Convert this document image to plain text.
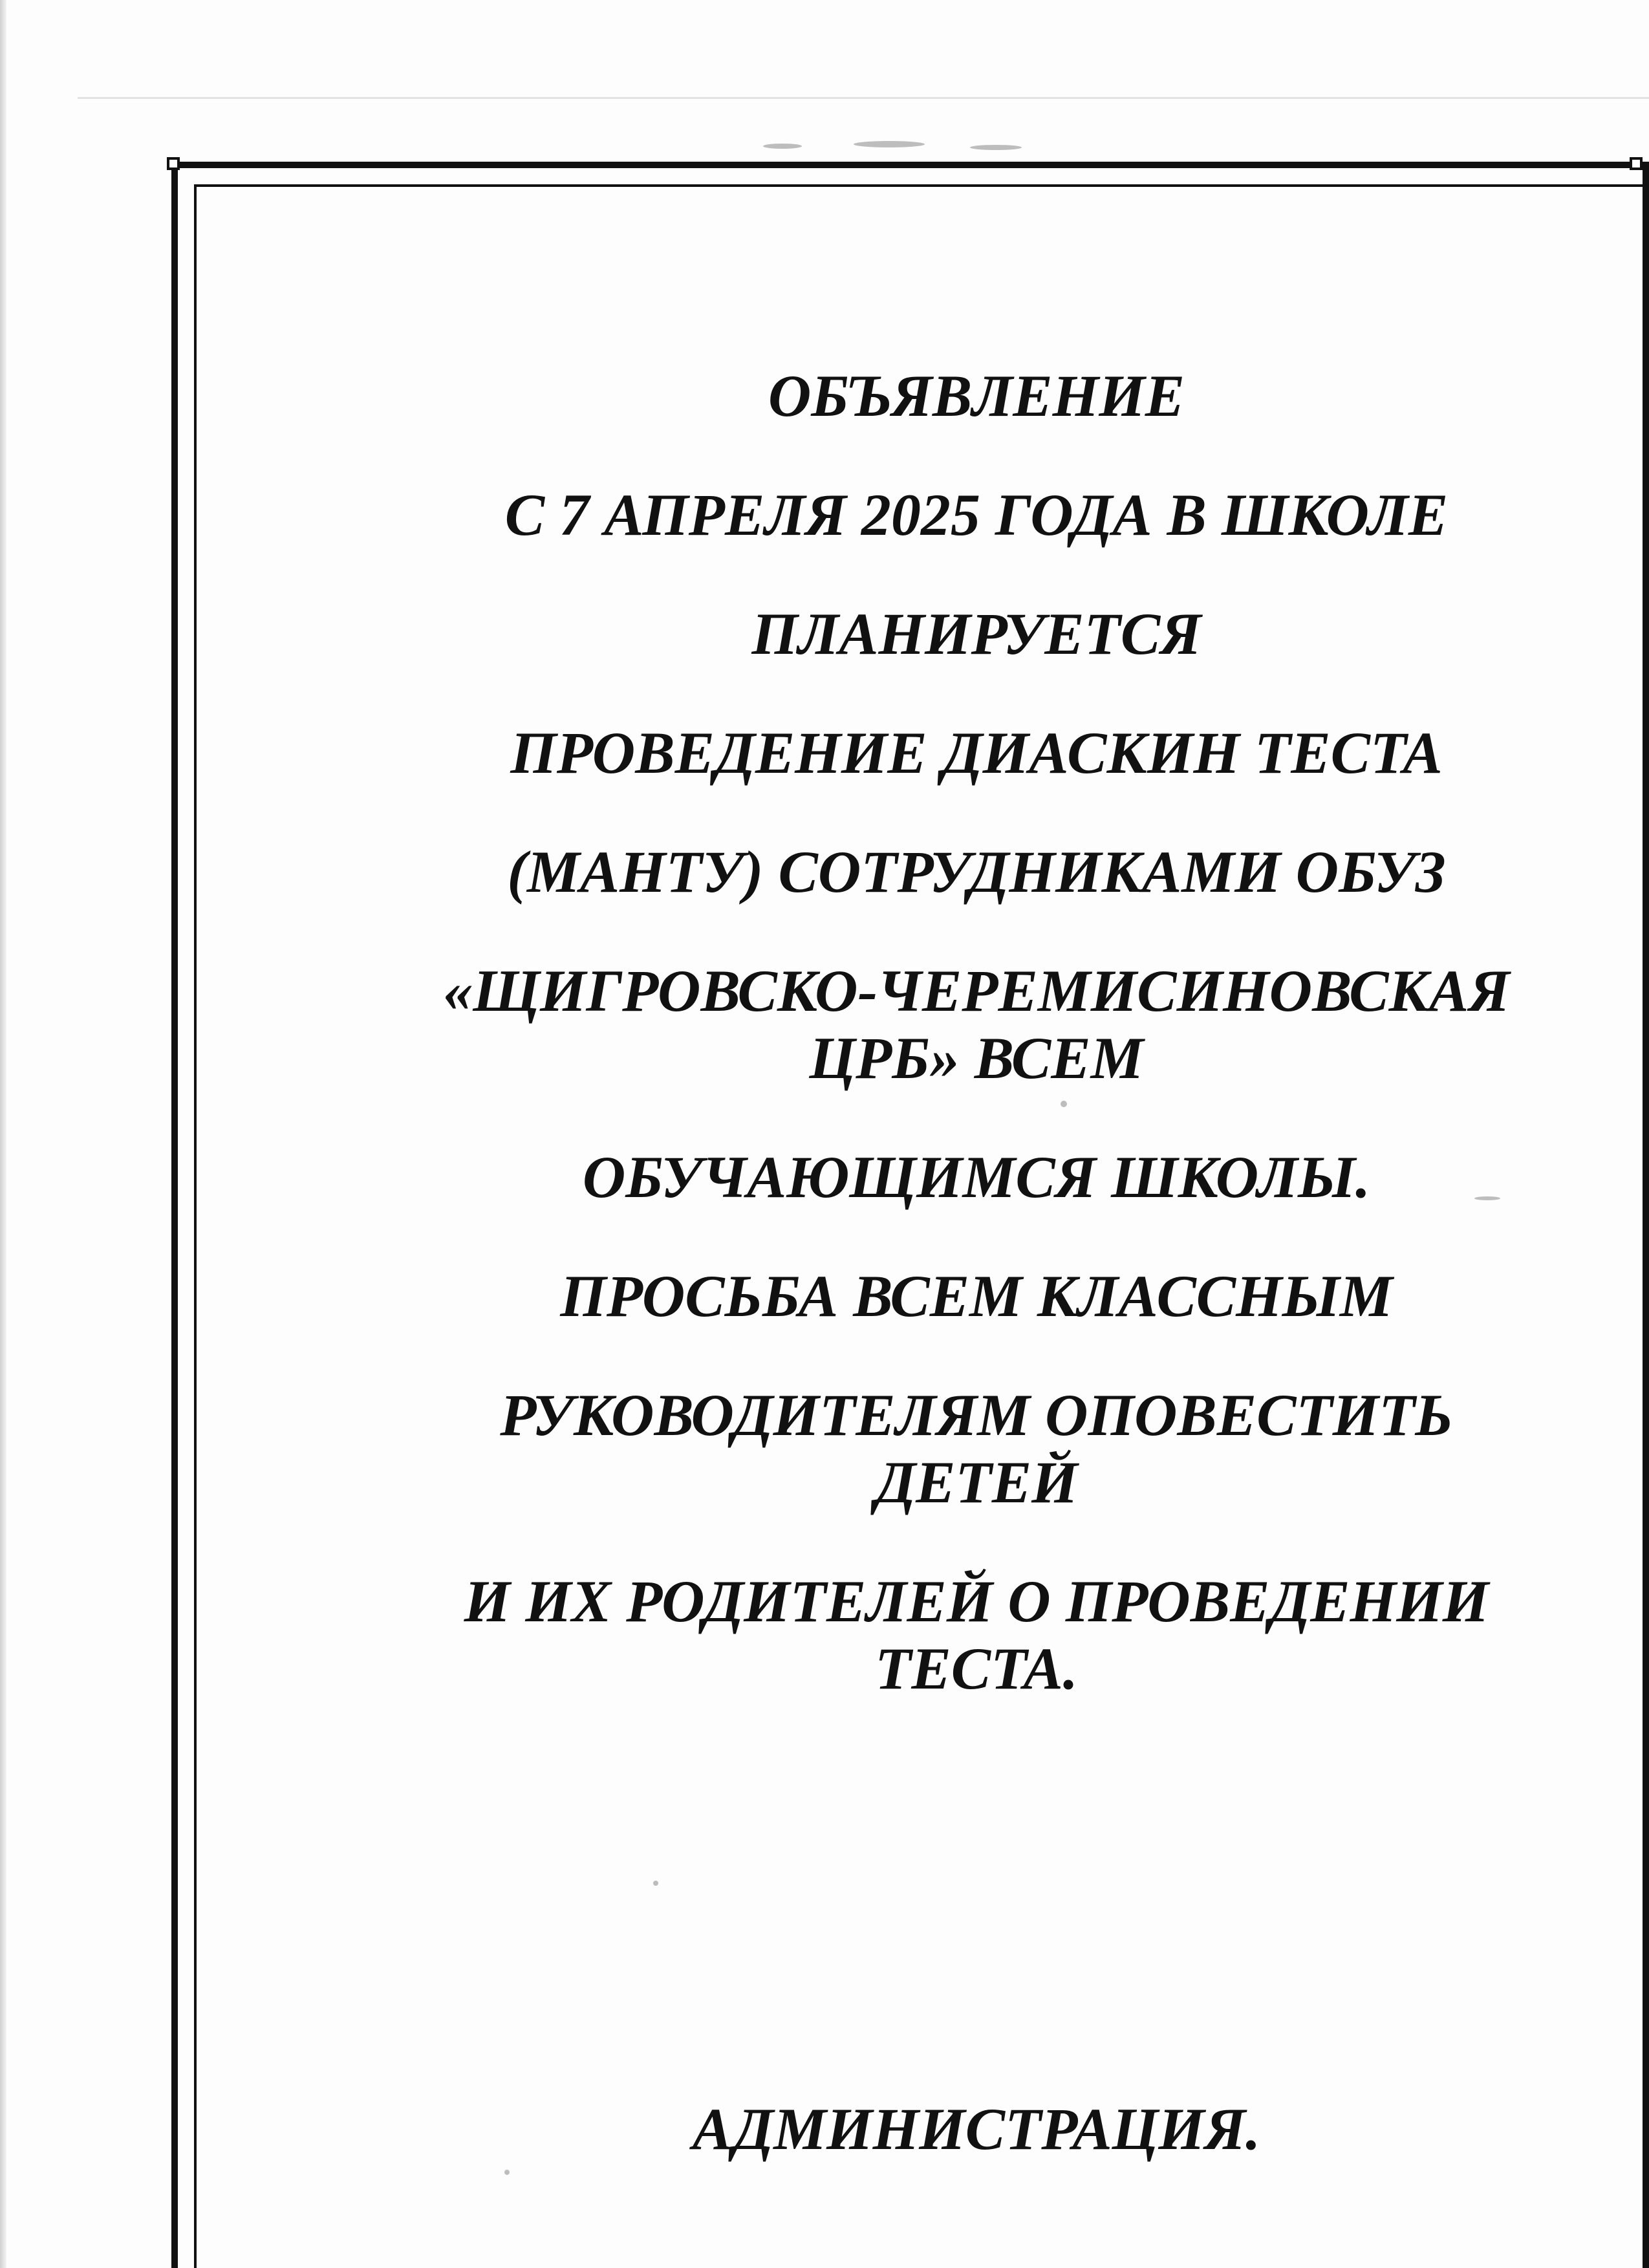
ОБЪЯВЛЕНИЕ
С 7 АПРЕЛЯ 2025 ГОДА В ШКОЛЕ
ПЛАНИРУЕТСЯ
ПРОВЕДЕНИЕ ДИАСКИН ТЕСТА
(МАНТУ) СОТРУДНИКАМИ ОБУЗ
«ЩИГРОВСКО-ЧЕРЕМИСИНОВСКАЯ
ЦРБ» ВСЕМ
ОБУЧАЮЩИМСЯ ШКОЛЫ.
ПРОСЬБА ВСЕМ КЛАССНЫМ
РУКОВОДИТЕЛЯМ ОПОВЕСТИТЬ
ДЕТЕЙ
И ИХ РОДИТЕЛЕЙ О ПРОВЕДЕНИИ
ТЕСТА.
АДМИНИСТРАЦИЯ.
